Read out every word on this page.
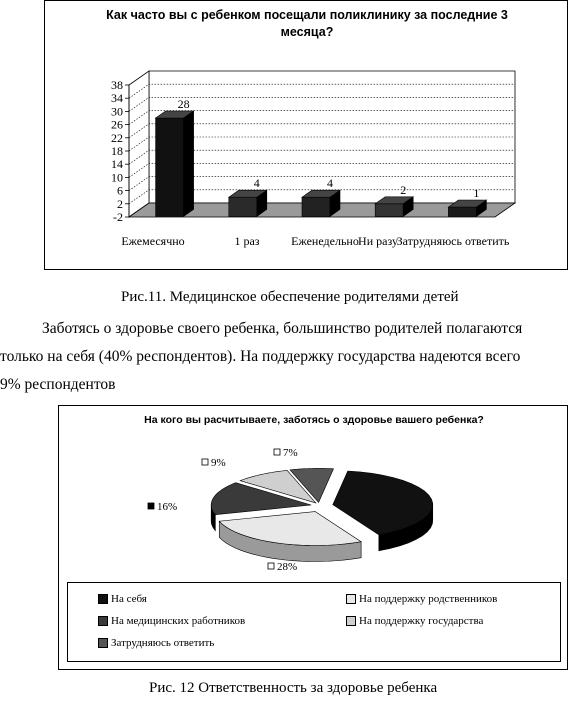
-2
2
6
10
14
18
22
26
30
34
38
28
Ежемесячно
4
1 раз
4
Еженедельно
2
Ни разу
1
Затрудняюсь ответить
Как часто вы с ребенком посещали поликлинику за последние 3
месяца?
Рис.11. Медицинское обеспечение родителями детей
Заботясь о здоровье своего ребенка, большинство родителей полагаются
только на себя (40% респондентов). На поддержку государства надеются всего
9% респондентов
28%
16%
9%
7%
На кого вы расчитываете, заботясь о здоровье вашего ребенка?
На себя	На поддержку родственников
На медицинских работников	На поддержку государства
Затрудняюсь ответить
Рис. 12 Ответственность за здоровье ребенка
